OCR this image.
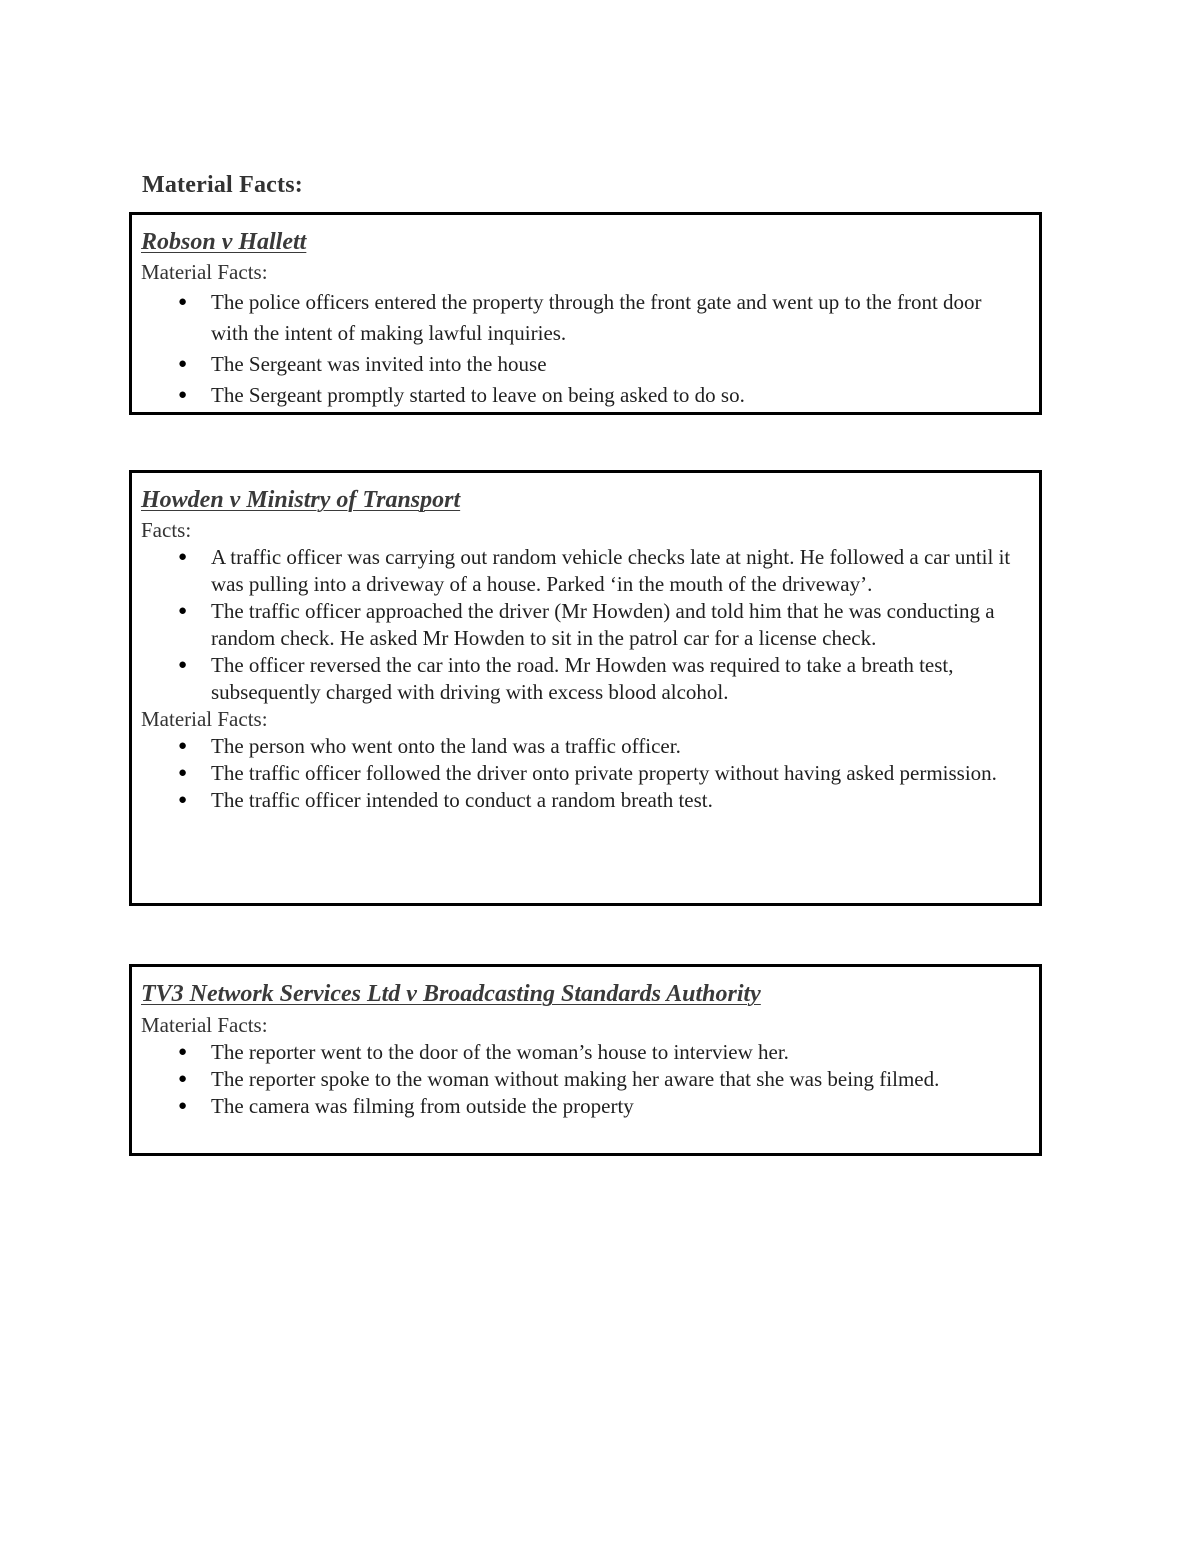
Material Facts:

Robson v Hallett

Material Facts:

● The police officers entered the property through the front gate and went up to the front door with the intent of making lawful inquiries.
● The Sergeant was invited into the house
● The Sergeant promptly started to leave on being asked to do so.

Howden v Ministry of Transport

Facts:

● A traffic officer was carrying out random vehicle checks late at night. He followed a car until it was pulling into a driveway of a house. Parked ‘in the mouth of the driveway’.
● The traffic officer approached the driver (Mr Howden) and told him that he was conducting a random check. He asked Mr Howden to sit in the patrol car for a license check.
● The officer reversed the car into the road. Mr Howden was required to take a breath test, subsequently charged with driving with excess blood alcohol.

Material Facts:

● The person who went onto the land was a traffic officer.
● The traffic officer followed the driver onto private property without having asked permission.
● The traffic officer intended to conduct a random breath test.

TV3 Network Services Ltd v Broadcasting Standards Authority

Material Facts:

● The reporter went to the door of the woman’s house to interview her.
● The reporter spoke to the woman without making her aware that she was being filmed.
● The camera was filming from outside the property
